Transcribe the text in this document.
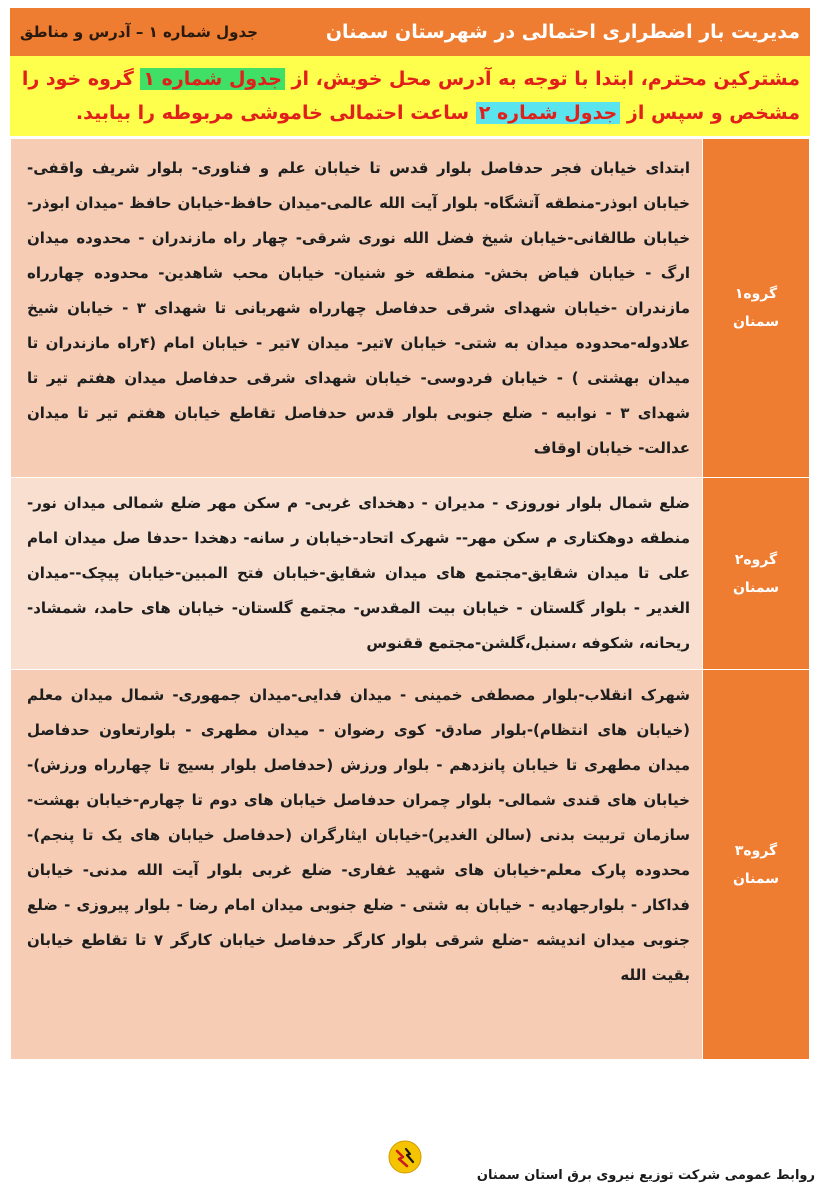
مدیریت بار اضطراری احتمالی در شهرستان سمنان
جدول شماره ۱ – آدرس و مناطق
مشترکین محترم، ابتدا با توجه به آدرس محل خویش، از جدول شماره ۱ گروه خود را مشخص و سپس از جدول شماره ۲ ساعت احتمالی خاموشی مربوطه را بیابید.
گروه۱
سمنان	ابتدای خیابان فجر حدفاصل بلوار قدس تا خیابان علم و فناوری- بلوار شریف واقفی- خیابان ابوذر-منطقه آتشگاه- بلوار آیت الله عالمی-میدان حافظ-خیابان حافظ -میدان ابوذر-خیابان طالقانی-خیابان شیخ فضل الله نوری شرقی- چهار راه مازندران - محدوده میدان ارگ - خیابان فیاض بخش- منطقه خو شنیان- خیابان محب شاهدین- محدوده چهارراه مازندران -خیابان شهدای شرقی حدفاصل چهارراه شهربانی تا شهدای ۳ - خیابان شیخ علادوله-محدوده میدان به شتی- خیابان ۷تیر- میدان ۷تیر - خیابان امام (۴راه مازندران تا میدان بهشتی ) - خیابان فردوسی- خیابان شهدای شرقی حدفاصل میدان هفتم تیر تا شهدای ۳ - نوابیه - ضلع جنوبی بلوار قدس حدفاصل تقاطع خیابان هفتم تیر تا میدان عدالت- خیابان اوقاف

گروه۲
سمنان	ضلع شمال بلوار نوروزی - مدیران - دهخدای غربی- م سکن مهر ضلع شمالی میدان نور- منطقه دوهکتاری م سکن مهر-- شهرک اتحاد-خیابان ر سانه- دهخدا -حدفا صل میدان امام علی تا میدان شقایق-مجتمع های میدان شقایق-خیابان فتح المبین-خیابان پیچک--میدان الغدیر - بلوار گلستان - خیابان بیت المقدس- مجتمع گلستان- خیابان های حامد، شمشاد- ریحانه، شکوفه ،سنبل،گلشن-مجتمع ققنوس

گروه۳
سمنان	شهرک انقلاب-بلوار مصطفی خمینی - میدان فدایی-میدان جمهوری- شمال میدان معلم (خیابان های انتظام)-بلوار صادق- کوی رضوان - میدان مطهری - بلوارتعاون حدفاصل میدان مطهری تا خیابان پانزدهم - بلوار ورزش (حدفاصل بلوار بسیج تا چهارراه ورزش)- خیابان های قندی شمالی- بلوار چمران حدفاصل خیابان های دوم تا چهارم-خیابان بهشت- سازمان تربیت بدنی (سالن الغدیر)-خیابان ایثارگران (حدفاصل خیابان های یک تا پنجم)-محدوده پارک معلم-خیابان های شهید غفاری- ضلع غربی بلوار آیت الله مدنی- خیابان فداکار - بلوارجهادیه - خیابان به شتی - ضلع جنوبی میدان امام رضا - بلوار پیروزی - ضلع جنوبی میدان اندیشه -ضلع شرقی بلوار کارگر حدفاصل خیابان کارگر ۷ تا تقاطع خیابان بقیت الله
روابط عمومی شرکت توزیع نیروی برق استان سمنان
